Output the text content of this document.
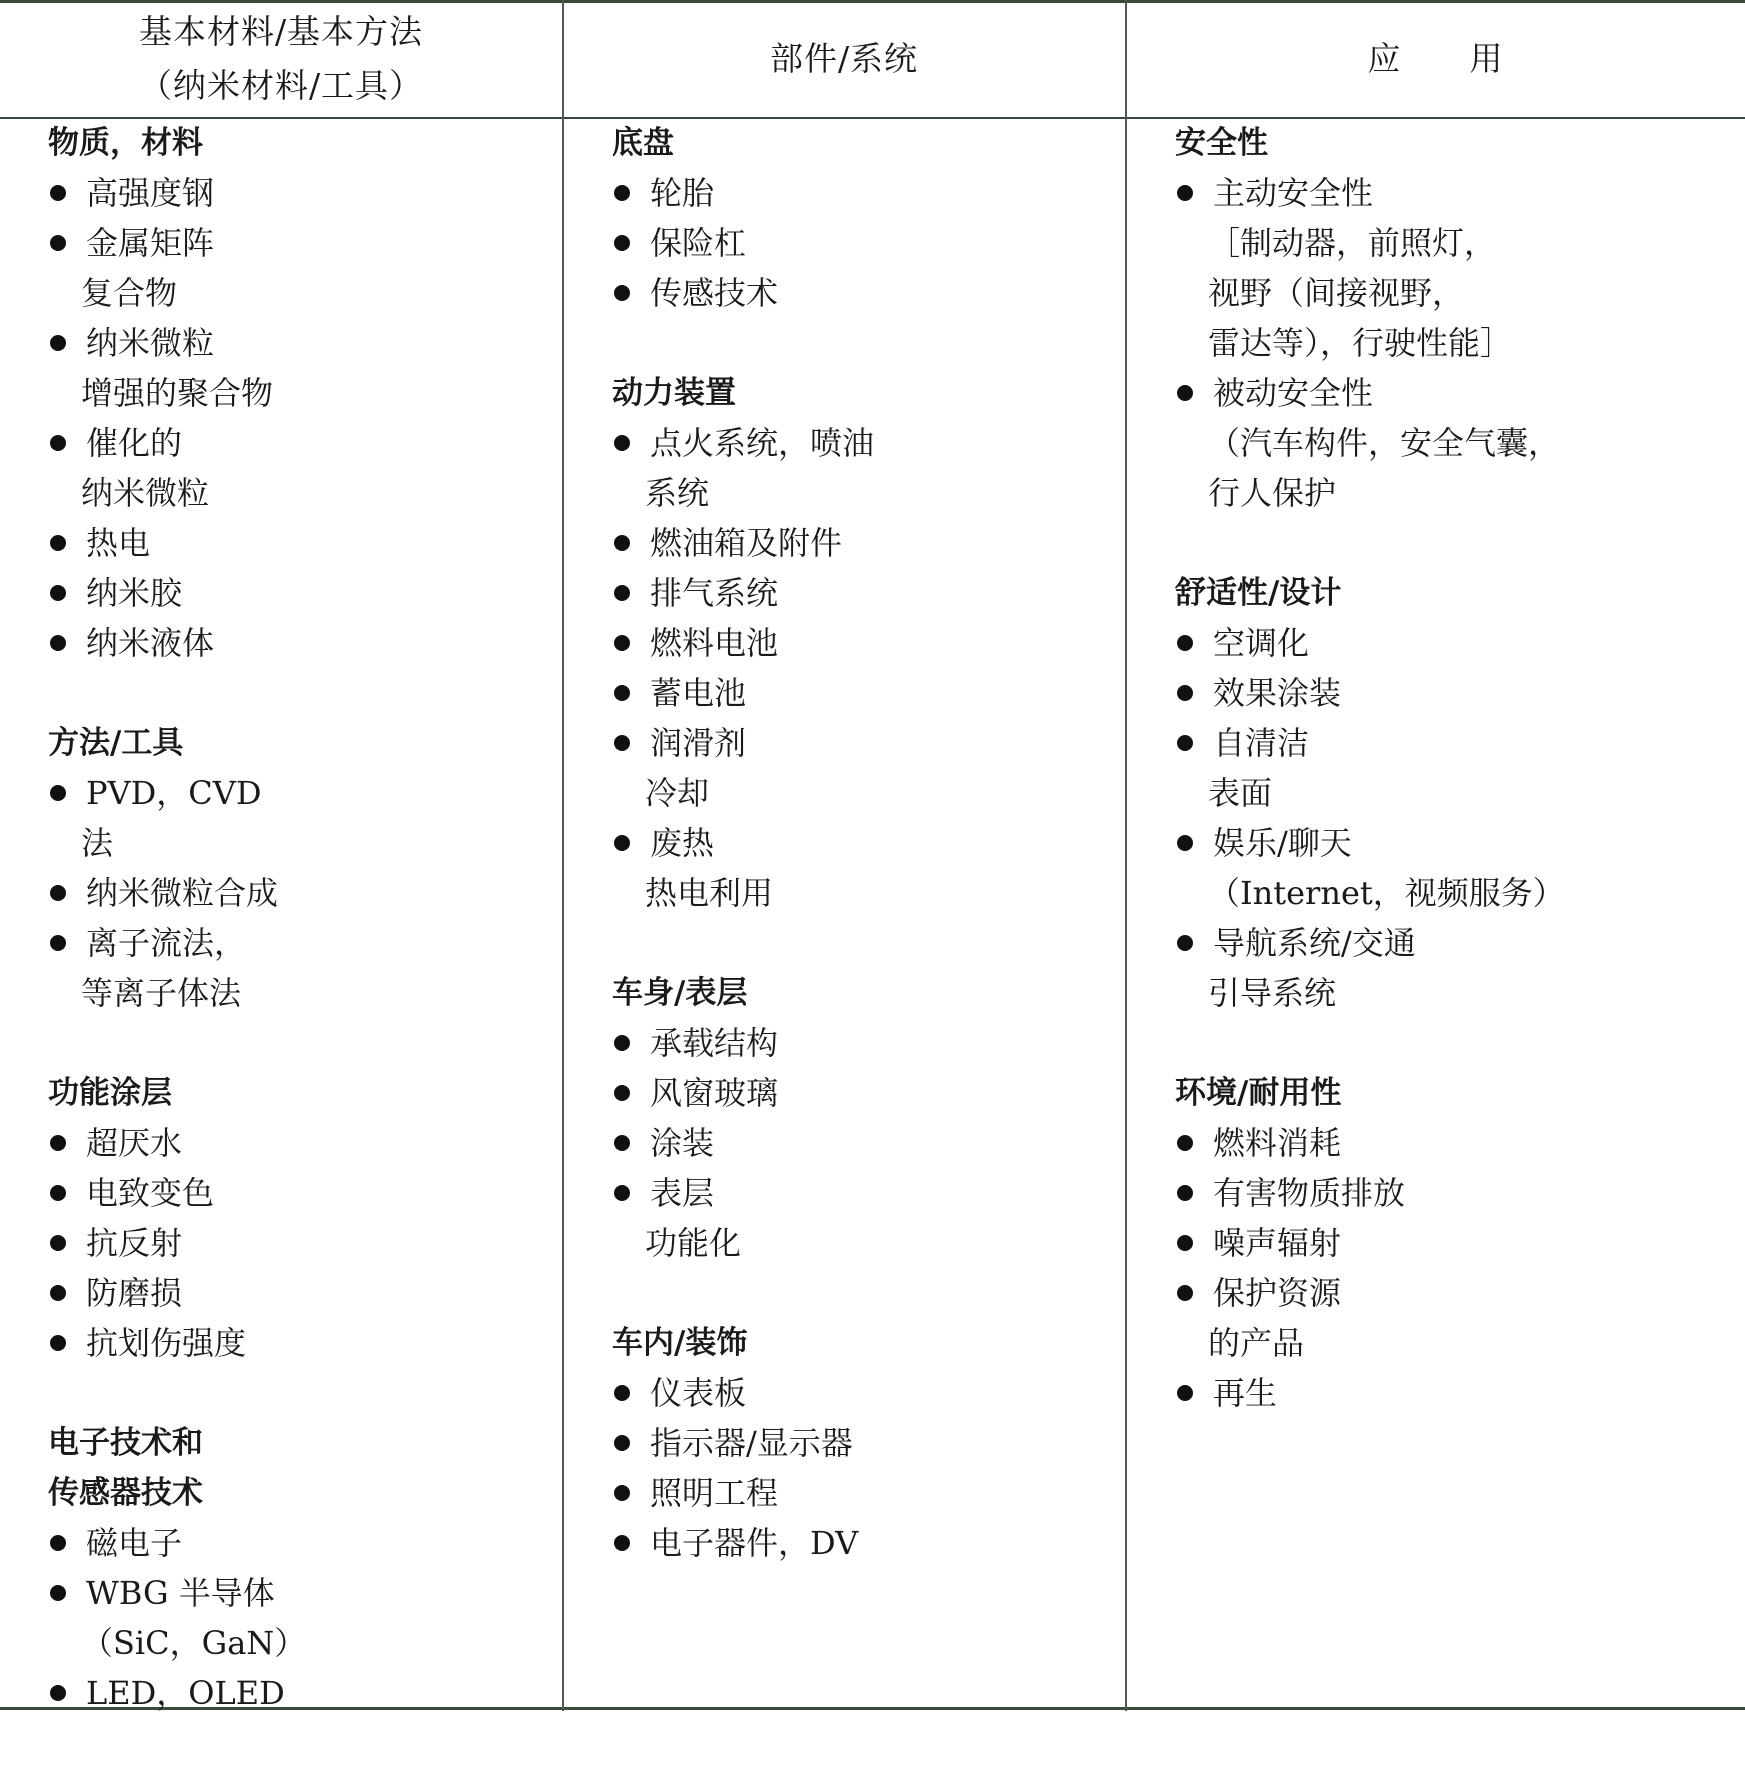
基本材料/基本方法
（纳米材料/工具）
部件/系统	应　　用
物质，材料
高强度钢
金属矩阵
复合物
纳米微粒
增强的聚合物
催化的
纳米微粒
热电
纳米胶
纳米液体
方法/工具
PVD，CVD
法
纳米微粒合成
离子流法，
等离子体法
功能涂层
超厌水
电致变色
抗反射
防磨损
抗划伤强度
电子技术和
传感器技术
磁电子
WBG 半导体
（SiC，GaN）
LED，OLED
底盘
轮胎
保险杠
传感技术
动力装置
点火系统，喷油
系统
燃油箱及附件
排气系统
燃料电池
蓄电池
润滑剂
冷却
废热
热电利用
车身/表层
承载结构
风窗玻璃
涂装
表层
功能化
车内/装饰
仪表板
指示器/显示器
照明工程
电子器件，DV
安全性
主动安全性
［制动器，前照灯，
视野（间接视野，
雷达等），行驶性能］
被动安全性
（汽车构件，安全气囊，
行人保护
舒适性/设计
空调化
效果涂装
自清洁
表面
娱乐/聊天
（Internet，视频服务）
导航系统/交通
引导系统
环境/耐用性
燃料消耗
有害物质排放
噪声辐射
保护资源
的产品
再生
